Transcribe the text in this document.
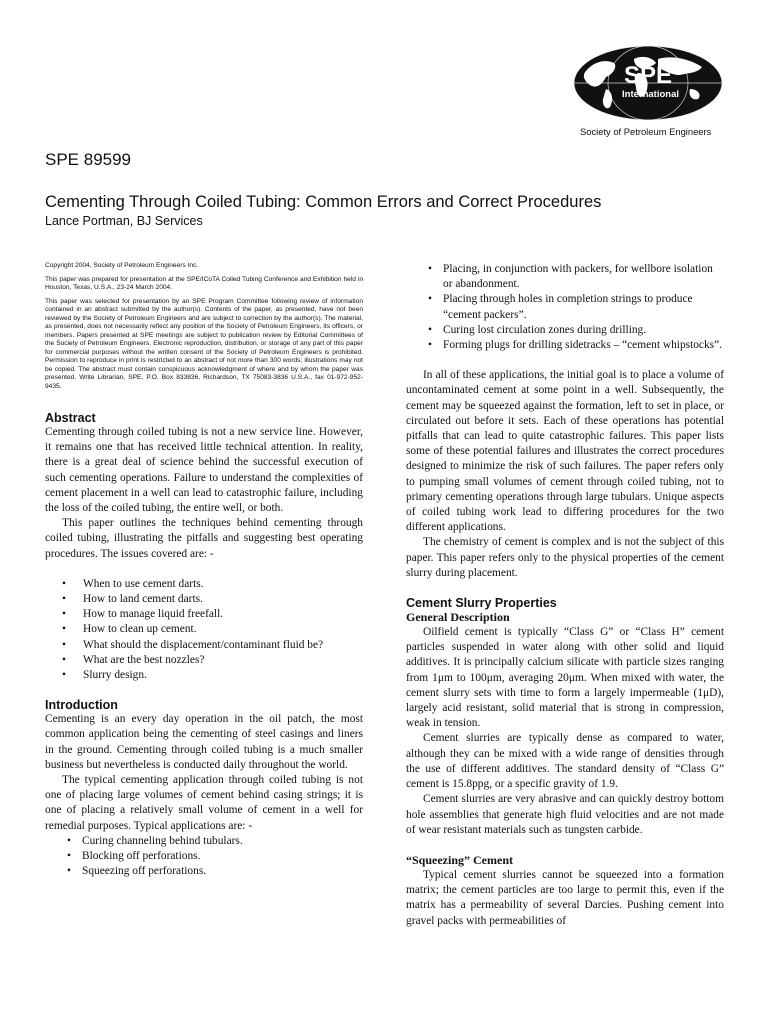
SPE
International
Society of Petroleum Engineers
SPE 89599
Cementing Through Coiled Tubing: Common Errors and Correct Procedures
Lance Portman, BJ Services

Copyright 2004, Society of Petroleum Engineers Inc.

This paper was prepared for presentation at the SPE/ICoTA Coiled Tubing Conference and Exhibition held in Houston, Texas, U.S.A., 23-24 March 2004.

This paper was selected for presentation by an SPE Program Committee following review of information contained in an abstract submitted by the author(s). Contents of the paper, as presented, have not been reviewed by the Society of Petroleum Engineers and are subject to correction by the author(s). The material, as presented, does not necessarily reflect any position of the Society of Petroleum Engineers, its officers, or members. Papers presented at SPE meetings are subject to publication review by Editorial Committees of the Society of Petroleum Engineers. Electronic reproduction, distribution, or storage of any part of this paper for commercial purposes without the written consent of the Society of Petroleum Engineers is prohibited. Permission to reproduce in print is restricted to an abstract of not more than 300 words; illustrations may not be copied. The abstract must contain conspicuous acknowledgment of where and by whom the paper was presented. Write Librarian, SPE, P.O. Box 833836, Richardson, TX 75083-3836 U.S.A., fax 01-972-952-9435.

Abstract

Cementing through coiled tubing is not a new service line. However, it remains one that has received little technical attention. In reality, there is a great deal of science behind the successful execution of such cementing operations. Failure to understand the complexities of cement placement in a well can lead to catastrophic failure, including the loss of the coiled tubing, the entire well, or both.

This paper outlines the techniques behind cementing through coiled tubing, illustrating the pitfalls and suggesting best operating procedures. The issues covered are: -

• When to use cement darts.
• How to land cement darts.
• How to manage liquid freefall.
• How to clean up cement.
• What should the displacement/contaminant fluid be?
• What are the best nozzles?
• Slurry design.

Introduction

Cementing is an every day operation in the oil patch, the most common application being the cementing of steel casings and liners in the ground. Cementing through coiled tubing is a much smaller business but nevertheless is conducted daily throughout the world.

The typical cementing application through coiled tubing is not one of placing large volumes of cement behind casing strings; it is one of placing a relatively small volume of cement in a well for remedial purposes. Typical applications are: -

• Curing channeling behind tubulars.
• Blocking off perforations.
• Squeezing off perforations.
• Placing, in conjunction with packers, for wellbore isolation or abandonment.
• Placing through holes in completion strings to produce “cement packers”.
• Curing lost circulation zones during drilling.
• Forming plugs for drilling sidetracks – “cement whipstocks”.

In all of these applications, the initial goal is to place a volume of uncontaminated cement at some point in a well. Subsequently, the cement may be squeezed against the formation, left to set in place, or circulated out before it sets. Each of these operations has potential pitfalls that can lead to quite catastrophic failures. This paper lists some of these potential failures and illustrates the correct procedures designed to minimize the risk of such failures. The paper refers only to pumping small volumes of cement through coiled tubing, not to primary cementing operations through large tubulars. Unique aspects of coiled tubing work lead to differing procedures for the two different applications.

The chemistry of cement is complex and is not the subject of this paper. This paper refers only to the physical properties of the cement slurry during placement.

Cement Slurry Properties

General Description

Oilfield cement is typically “Class G” or “Class H” cement particles suspended in water along with other solid and liquid additives. It is principally calcium silicate with particle sizes ranging from 1μm to 100μm, averaging 20μm. When mixed with water, the cement slurry sets with time to form a largely impermeable (1μD), largely acid resistant, solid material that is strong in compression, weak in tension.

Cement slurries are typically dense as compared to water, although they can be mixed with a wide range of densities through the use of different additives. The standard density of “Class G” cement is 15.8ppg, or a specific gravity of 1.9.

Cement slurries are very abrasive and can quickly destroy bottom hole assemblies that generate high fluid velocities and are not made of wear resistant materials such as tungsten carbide.

“Squeezing” Cement

Typical cement slurries cannot be squeezed into a formation matrix; the cement particles are too large to permit this, even if the matrix has a permeability of several Darcies. Pushing cement into gravel packs with permeabilities of
